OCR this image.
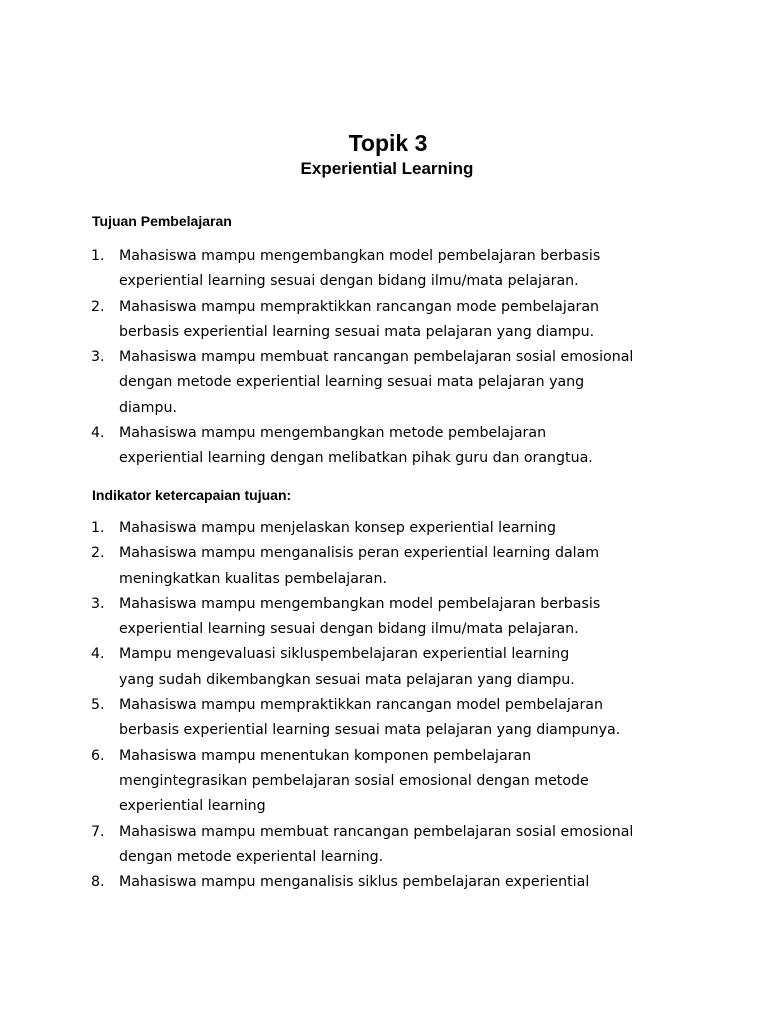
Topik 3
Experiential Learning
Tujuan Pembelajaran
1. Mahasiswa mampu mengembangkan model pembelajaran berbasis
experiential learning sesuai dengan bidang ilmu/mata pelajaran.
2. Mahasiswa mampu mempraktikkan rancangan mode pembelajaran
berbasis experiential learning sesuai mata pelajaran yang diampu.
3. Mahasiswa mampu membuat rancangan pembelajaran sosial emosional
dengan metode experiential learning sesuai mata pelajaran yang
diampu.
4. Mahasiswa mampu mengembangkan metode pembelajaran
experiential learning dengan melibatkan pihak guru dan orangtua.
Indikator ketercapaian tujuan:
1. Mahasiswa mampu menjelaskan konsep experiential learning
2. Mahasiswa mampu menganalisis peran experiential learning dalam
meningkatkan kualitas pembelajaran.
3. Mahasiswa mampu mengembangkan model pembelajaran berbasis
experiential learning sesuai dengan bidang ilmu/mata pelajaran.
4. Mampu mengevaluasi sikluspembelajaran experiential learning
yang sudah dikembangkan sesuai mata pelajaran yang diampu.
5. Mahasiswa mampu mempraktikkan rancangan model pembelajaran
berbasis experiential learning sesuai mata pelajaran yang diampunya.
6. Mahasiswa mampu menentukan komponen pembelajaran
mengintegrasikan pembelajaran sosial emosional dengan metode
experiential learning
7. Mahasiswa mampu membuat rancangan pembelajaran sosial emosional
dengan metode experiental learning.
8. Mahasiswa mampu menganalisis siklus pembelajaran experiential
